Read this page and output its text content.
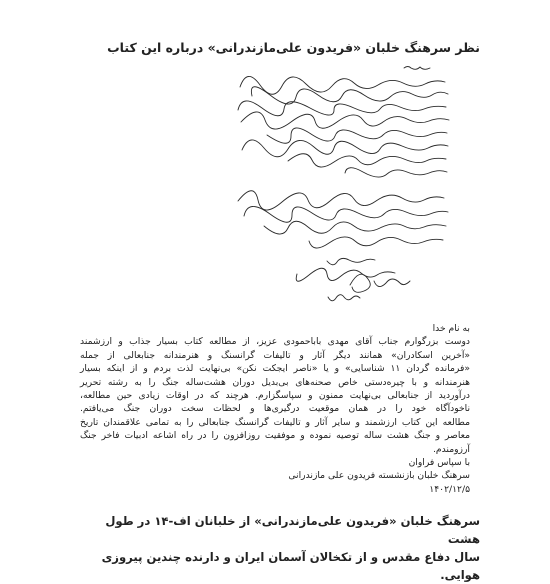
نظر سرهنگ خلبان «فریدون علی‌مازندرانی» درباره این کتاب

به نام خدا

دوست بزرگوارم جناب آقای مهدی باباحمودی عزیز، از مطالعه کتاب بسیار جذاب و ارزشمند

«آخرین اسکادران» همانند دیگر آثار و تالیفات گرانسنگ و هنرمندانه جنابعالی از جمله

«فرمانده گردان ۱۱ شناسایی» و یا «ناصر ایجکت نکن» بی‌نهایت لذت بردم و از اینکه بسیار

هنرمندانه و با چیره‌دستی خاص صحنه‌های بی‌بدیل دوران هشت‌ساله جنگ را به رشته تحریر

درآوردید از جنابعالی بی‌نهایت ممنون و سپاسگزارم. هرچند که در اوقات زیادی حین مطالعه،

ناخودآگاه خود را در همان موقعیت درگیری‌ها و لحظات سخت دوران جنگ می‌یافتم.

مطالعه این کتاب ارزشمند و سایر آثار و تالیفات گرانسنگ جنابعالی را به تمامی علاقمندان تاریخ

معاصر و جنگ هشت ساله توصیه نموده و موفقیت روزافزون را در راه اشاعه ادبیات فاخر جنگ

آرزومندم.

با سپاس فراوان

سرهنگ خلبان بازنشسته فریدون علی مازندرانی

۱۴۰۲/۱۲/۵

سرهنگ خلبان «فریدون علی‌مازندرانی» از خلبانان اف-۱۴ در طول هشت

سال دفاع مقدس و از تکخالان آسمان ایران و دارنده چندین پیروزی هوایی.
